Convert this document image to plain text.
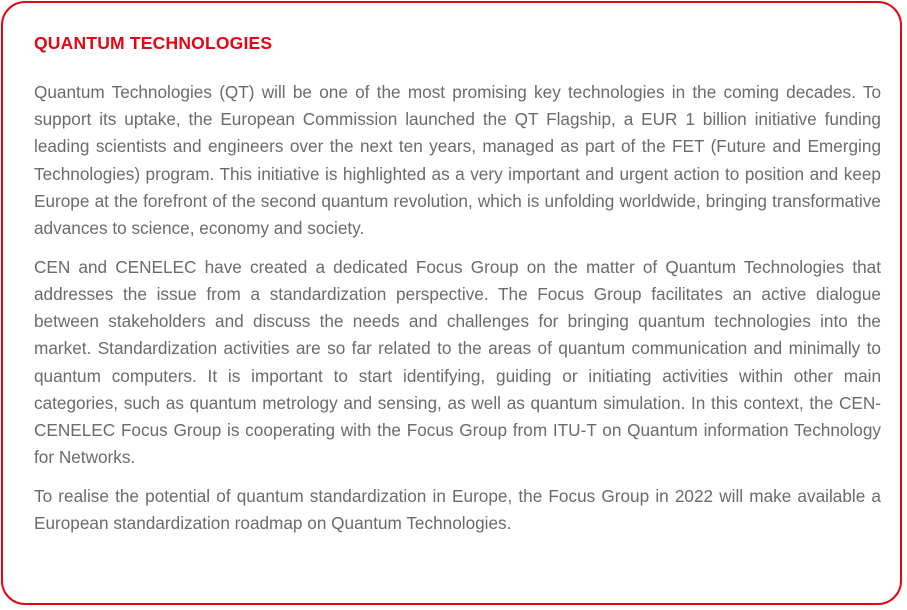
QUANTUM TECHNOLOGIES

Quantum Technologies (QT) will be one of the most promising key technologies in the coming decades. To support its uptake, the European Commission launched the QT Flagship, a EUR 1 billion initiative funding leading scientists and engineers over the next ten years, managed as part of the FET (Future and Emerging Technologies) program. This initiative is highlighted as a very important and urgent action to position and keep Europe at the forefront of the second quantum revolution, which is unfolding worldwide, bringing transformative advances to science, economy and society.

CEN and CENELEC have created a dedicated Focus Group on the matter of Quantum Technologies that addresses the issue from a standardization perspective. The Focus Group facilitates an active dialogue between stakeholders and discuss the needs and challenges for bringing quantum technologies into the market. Standardization activities are so far related to the areas of quantum communication and minimally to quantum computers. It is important to start identifying, guiding or initiating activities within other main categories, such as quantum metrology and sensing, as well as quantum simulation. In this context, the CEN-CENELEC Focus Group is cooperating with the Focus Group from ITU-T on Quantum information Technology for Networks.

To realise the potential of quantum standardization in Europe, the Focus Group in 2022 will make available a European standardization roadmap on Quantum Technologies.
